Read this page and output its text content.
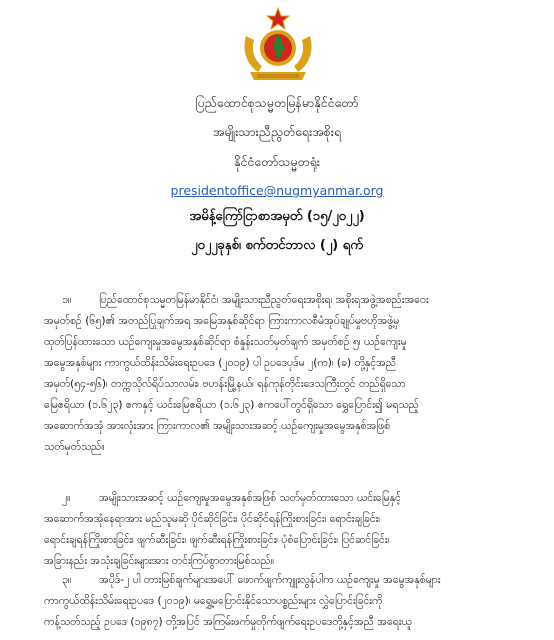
ပြည်ထောင်စုသမ္မတမြန်မာနိုင်ငံတော်
အမျိုးသားညီညွတ်ရေးအစိုးရ
နိုင်ငံတော်သမ္မတရုံး
presidentoffice@nugmyanmar.org
အမိန့်ကြော်ငြာစာအမှတ် (၁၅/၂၀၂၂)
၂၀၂၂ခုနှစ်၊ စက်တင်ဘာလ (၂) ရက်
၁။	ပြည်ထောင်စုသမ္မတမြန်မာနိုင်ငံ၊ အမျိုးသားညီညွတ်ရေးအစိုးရ၊ အစိုးရအဖွဲ့အစည်းအဝေး
အမှတ်စဉ် (၆၅)၏ အတည်ပြုချက်အရ အမြေအနှစ်ဆိုင်ရာ ကြားကာလစီမံအုပ်ချုပ်မှုဗဟိုအဖွဲ့မှ
ထုတ်ပြန်ထားသော ယဉ်ကျေးမှုအမွေအနှစ်ဆိုင်ရာ စံနှုန်းသတ်မှတ်ချက် အမှတ်စဉ် ၅၊ ယဉ်ကျေးမှု
အမွေအနှစ်များ ကာကွယ်ထိန်းသိမ်းရေးဥပဒေ (၂၀၁၉) ပါ ဥပဒေပုဒ်မ ၂(က)၊ (ခ) တို့နှင့်အညီ
အမှတ်(၅၄-၅၆)၊ တက္ကသိုလ်ရိပ်သာလမ်း၊ ဗဟန်းမြို့နယ်၊ ရန်ကုန်တိုင်းဒေသကြီးတွင် တည်ရှိသော
မြေဧရိယာ (၁.၆၂၃) ဧကနှင့် ယင်းမြေဧရိယာ (၁.၆၂၃) ဧကပေါ်တွင်ရှိသော ရွှေပြောင်း၍ မရသည့်
အဆောက်အအုံ အားလုံးအား ကြားကာလ၏ အမျိုးသားအဆင့် ယဉ်ကျေးမှုအမွေအနှစ်အဖြစ်
သတ်မှတ်သည်။
၂။	အမျိုးသားအဆင့် ယဉ်ကျေးမှုအမွေအနှစ်အဖြစ် သတ်မှတ်ထားသော ယင်းမြေနှင့်
အဆောက်အအုံနေရာအား မည်သူမဆို ပိုင်ဆိုင်ခြင်း၊ ပိုင်ဆိုင်ရန်ကြိုးစားခြင်း၊ ရောင်းချခြင်း၊
ရောင်းချရန်ကြိုးစားခြင်း၊ ဖျက်ဆီးခြင်း၊ ဖျက်ဆီးရန်ကြိုးစားခြင်း၊ ပုံစံပြောင်းခြင်း၊ ပြင်ဆင်ခြင်း၊
အခြားနည်း အသုံးချခြင်းများအား တင်းကြပ်စွာတားမြစ်သည်။
၃။	အပိုဒ်-၂ ပါ တားမြစ်ချက်များအပေါ် ဖောက်ဖျက်ကျူးလွန်ပါက ယဉ်ကျေးမှု အမွေအနှစ်များ
ကာကွယ်ထိန်းသိမ်းရေးဥပဒေ (၂၀၁၉)၊ မရွှေ့မပြောင်းနိုင်သောပစ္စည်းများ လွှဲပြောင်းခြင်းကို
ကန့်သတ်သည့် ဥပဒေ (၁၉၈၇) တို့အပြင် အကြမ်းဖက်မှုတိုက်ဖျက်ရေးဥပဒေတို့နှင့်အညီ အရေးယူ
